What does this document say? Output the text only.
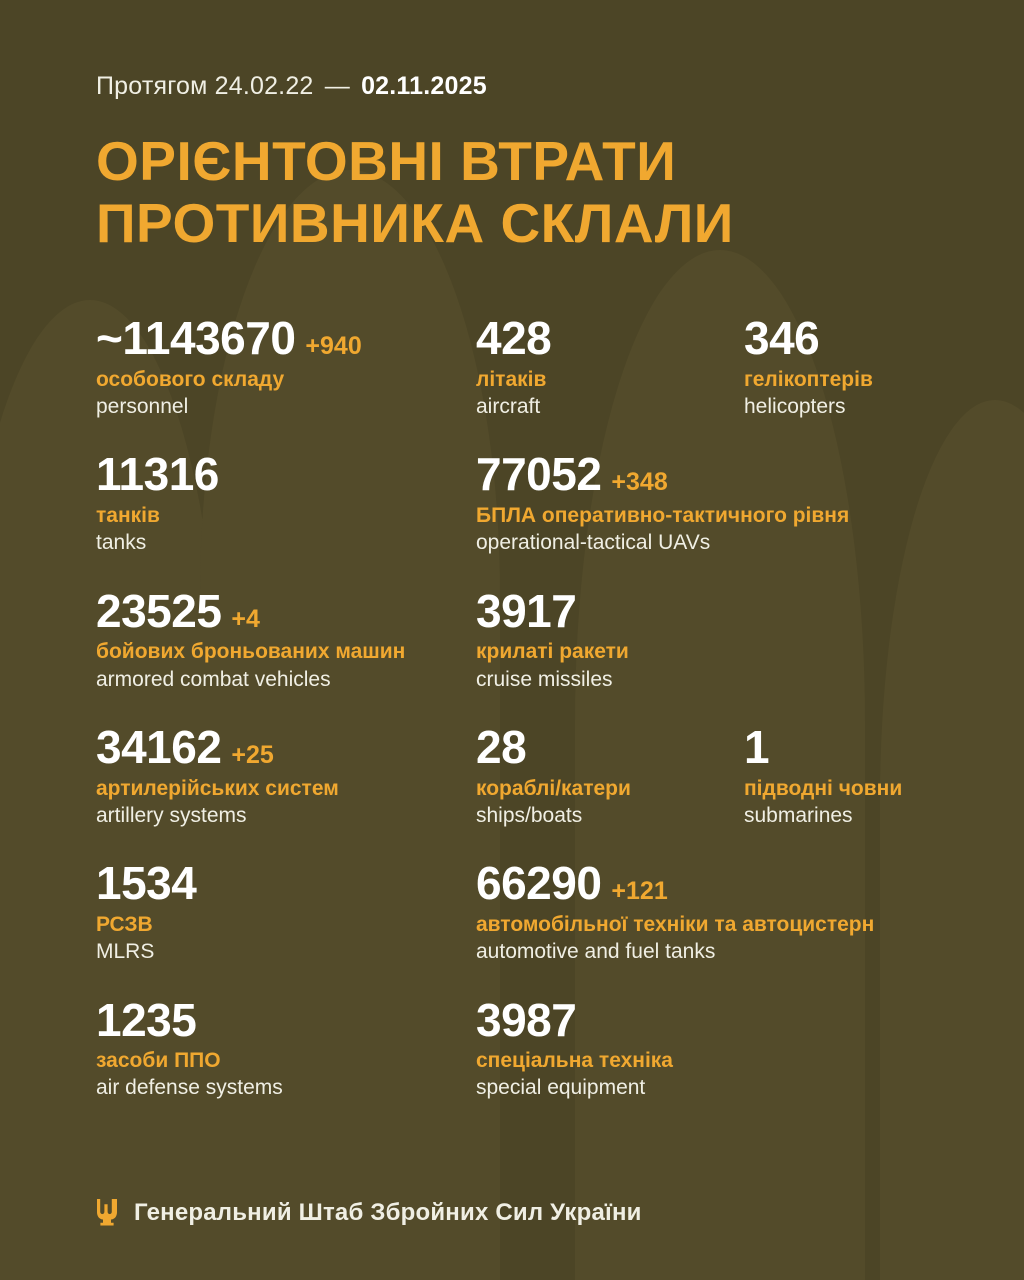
Протягом 24.02.22 — 02.11.2025
ОРІЄНТОВНІ ВТРАТИ
ПРОТИВНИКА СКЛАЛИ
~1143670 +940
особового складу
personnel
428
літаків
aircraft
346
гелікоптерів
helicopters
11316
танків
tanks
77052 +348
БПЛА оперативно-тактичного рівня
operational-tactical UAVs
23525 +4
бойових броньованих машин
armored combat vehicles
3917
крилаті ракети
cruise missiles
34162 +25
артилерійських систем
artillery systems
28
кораблі/катери
ships/boats
1
підводні човни
submarines
1534
РСЗВ
MLRS
66290 +121
автомобільної техніки та автоцистерн
automotive and fuel tanks
1235
засоби ППО
air defense systems
3987
спеціальна техніка
special equipment
Генеральний Штаб Збройних Сил України
